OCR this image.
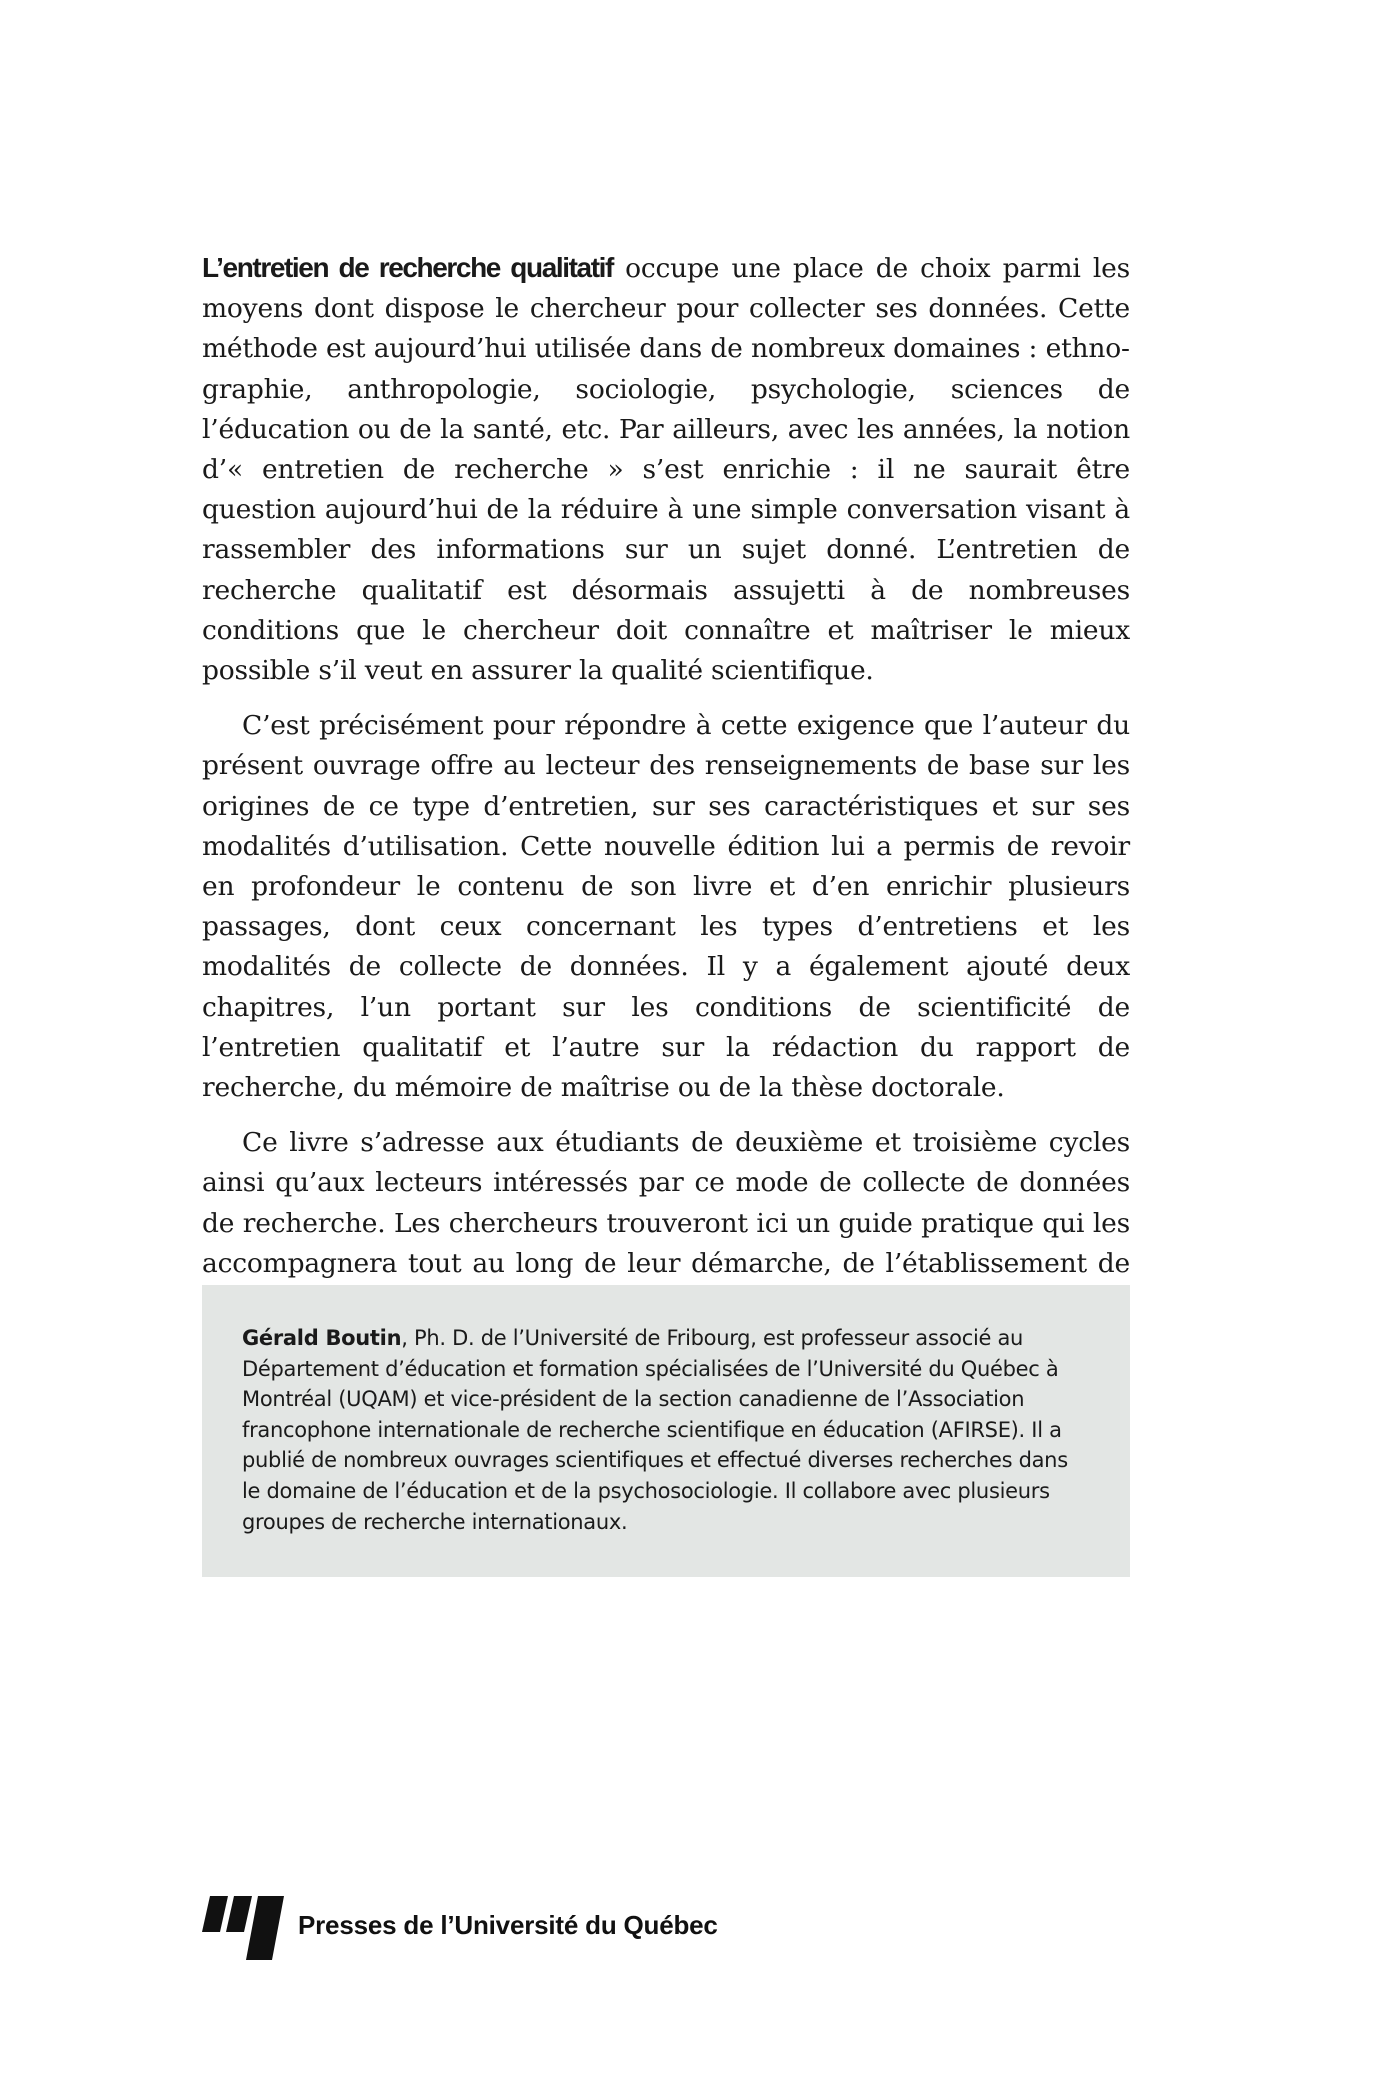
L’entretien de recherche qualitatif occupe une place de choix parmi les moyens dont dispose le chercheur pour collecter ses données. Cette méthode est aujourd’hui utilisée dans de nombreux domaines : ethnographie, anthropologie, sociologie, psychologie, sciences de l’éducation ou de la santé, etc. Par ailleurs, avec les années, la notion d’« entretien de recherche » s’est enrichie : il ne saurait être question aujourd’hui de la réduire à une simple conversation visant à rassembler des informations sur un sujet donné. L’entretien de recherche qualitatif est désormais assujetti à de nombreuses conditions que le chercheur doit connaître et maîtriser le mieux possible s’il veut en assurer la qualité scientifique.

C’est précisément pour répondre à cette exigence que l’auteur du présent ouvrage offre au lecteur des renseignements de base sur les origines de ce type d’entretien, sur ses caractéristiques et sur ses modalités d’utilisation. Cette nouvelle édition lui a permis de revoir en profondeur le contenu de son livre et d’en enrichir plusieurs passages, dont ceux concernant les types d’entretiens et les modalités de collecte de données. Il y a également ajouté deux chapitres, l’un portant sur les conditions de scientificité de l’entretien qualitatif et l’autre sur la rédaction du rapport de recherche, du mémoire de maîtrise ou de la thèse doctorale.

Ce livre s’adresse aux étudiants de deuxième et troisième cycles ainsi qu’aux lecteurs intéressés par ce mode de collecte de données de recherche. Les chercheurs trouveront ici un guide pratique qui les accompagnera tout au long de leur démarche, de l’établissement de

Gérald Boutin, Ph. D. de l’Université de Fribourg, est professeur associé au Département d’éducation et formation spécialisées de l’Université du Québec à Montréal (UQAM) et vice-président de la section canadienne de l’Association francophone internationale de recherche scientifique en éducation (AFIRSE). Il a publié de nombreux ouvrages scientifiques et effectué diverses recherches dans le domaine de l’éducation et de la psychosociologie. Il collabore avec plusieurs groupes de recherche internationaux.

Presses de l’Université du Québec
